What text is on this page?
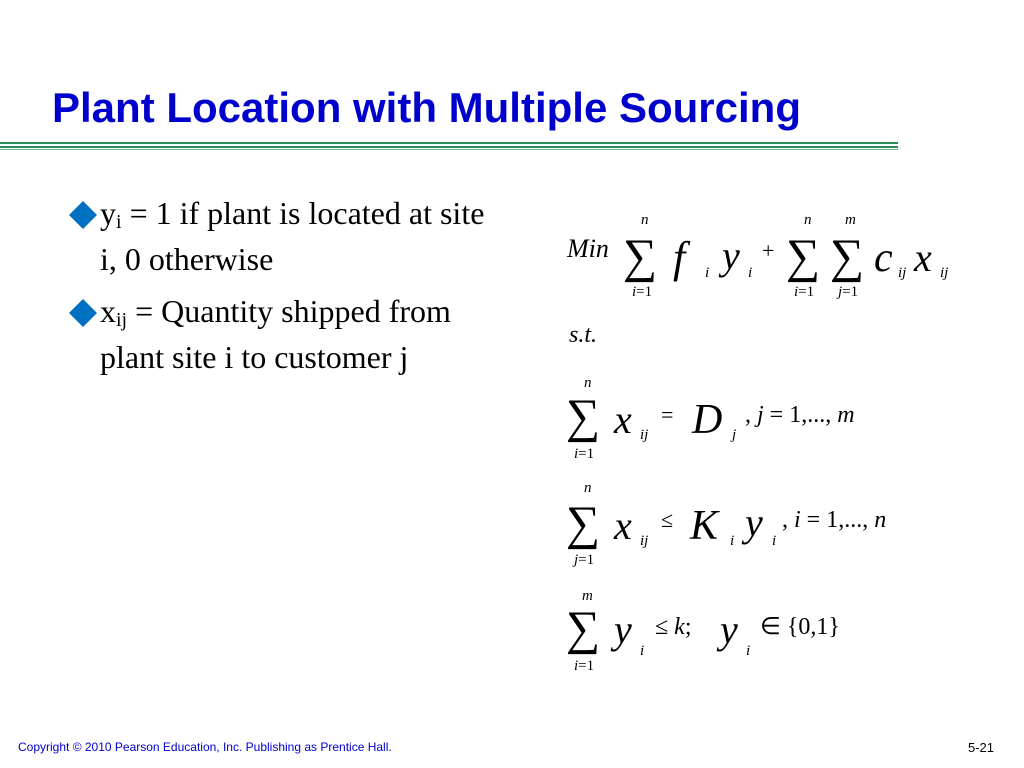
Plant Location with Multiple Sourcing
$y_i = 1$ if plant is located at site i, 0 otherwise
$x_{ij}$ = Quantity shipped from plant site i to customer j
Min ∑
n
i=1
f	i y i
+ ∑
n
i=1
∑
m
j=1
c ij x ij
s.t.
∑
n
i=1
x ij
= D j
, j = 1,..., m
∑
n
j=1
x ij
≤ K i y i
, i = 1,..., n
∑
m
i=1
y i
≤ k; y i
∈ {0,1}
Copyright © 2010 Pearson Education, Inc. Publishing as Prentice Hall.	5-21
